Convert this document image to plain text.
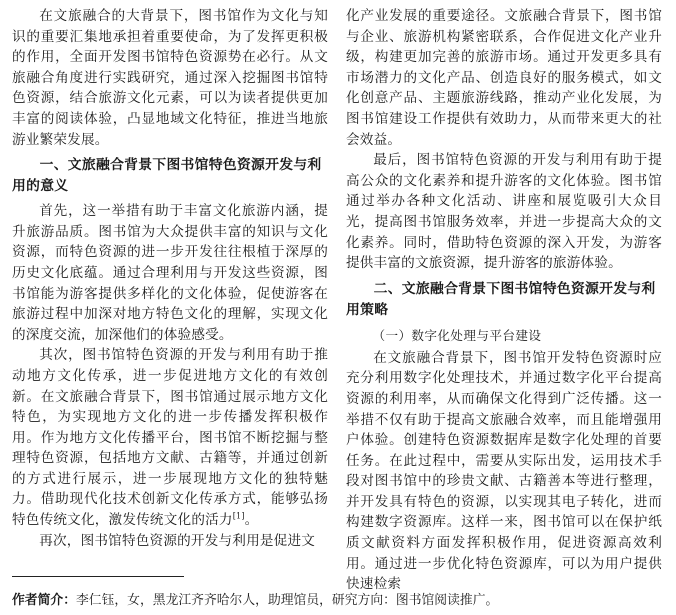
在文旅融合的大背景下，图书馆作为文化与知识的重要汇集地承担着重要使命，为了发挥更积极的作用，全面开发图书馆特色资源势在必行。从文旅融合角度进行实践研究，通过深入挖掘图书馆特色资源，结合旅游文化元素，可以为读者提供更加丰富的阅读体验，凸显地域文化特征，推进当地旅游业繁荣发展。

一、文旅融合背景下图书馆特色资源开发与利用的意义

首先，这一举措有助于丰富文化旅游内涵，提升旅游品质。图书馆为大众提供丰富的知识与文化资源，而特色资源的进一步开发往往根植于深厚的历史文化底蕴。通过合理利用与开发这些资源，图书馆能为游客提供多样化的文化体验，促使游客在旅游过程中加深对地方特色文化的理解，实现文化的深度交流，加深他们的体验感受。

其次，图书馆特色资源的开发与利用有助于推动地方文化传承，进一步促进地方文化的有效创新。在文旅融合背景下，图书馆通过展示地方文化特色，为实现地方文化的进一步传播发挥积极作用。作为地方文化传播平台，图书馆不断挖掘与整理特色资源，包括地方文献、古籍等，并通过创新的方式进行展示，进一步展现地方文化的独特魅力。借助现代化技术创新文化传承方式，能够弘扬特色传统文化，激发传统文化的活力[1]。

再次，图书馆特色资源的开发与利用是促进文

化产业发展的重要途径。文旅融合背景下，图书馆与企业、旅游机构紧密联系，合作促进文化产业升级，构建更加完善的旅游市场。通过开发更多具有市场潜力的文化产品、创造良好的服务模式，如文化创意产品、主题旅游线路，推动产业化发展，为图书馆建设工作提供有效助力，从而带来更大的社会效益。

最后，图书馆特色资源的开发与利用有助于提高公众的文化素养和提升游客的文化体验。图书馆通过举办各种文化活动、讲座和展览吸引大众目光，提高图书馆服务效率，并进一步提高大众的文化素养。同时，借助特色资源的深入开发，为游客提供丰富的文旅资源，提升游客的旅游体验。

二、文旅融合背景下图书馆特色资源开发与利用策略
（一）数字化处理与平台建设

在文旅融合背景下，图书馆开发特色资源时应充分利用数字化处理技术，并通过数字化平台提高资源的利用率，从而确保文化得到广泛传播。这一举措不仅有助于提高文旅融合效率，而且能增强用户体验。创建特色资源数据库是数字化处理的首要任务。在此过程中，需要从实际出发，运用技术手段对图书馆中的珍贵文献、古籍善本等进行整理，并开发具有特色的资源，以实现其电子转化，进而构建数字资源库。这样一来，图书馆可以在保护纸质文献资料方面发挥积极作用，促进资源高效利用。通过进一步优化特色资源库，可以为用户提供快速检索

作者简介：李仁钰，女，黑龙江齐齐哈尔人，助理馆员，研究方向：图书馆阅读推广。
